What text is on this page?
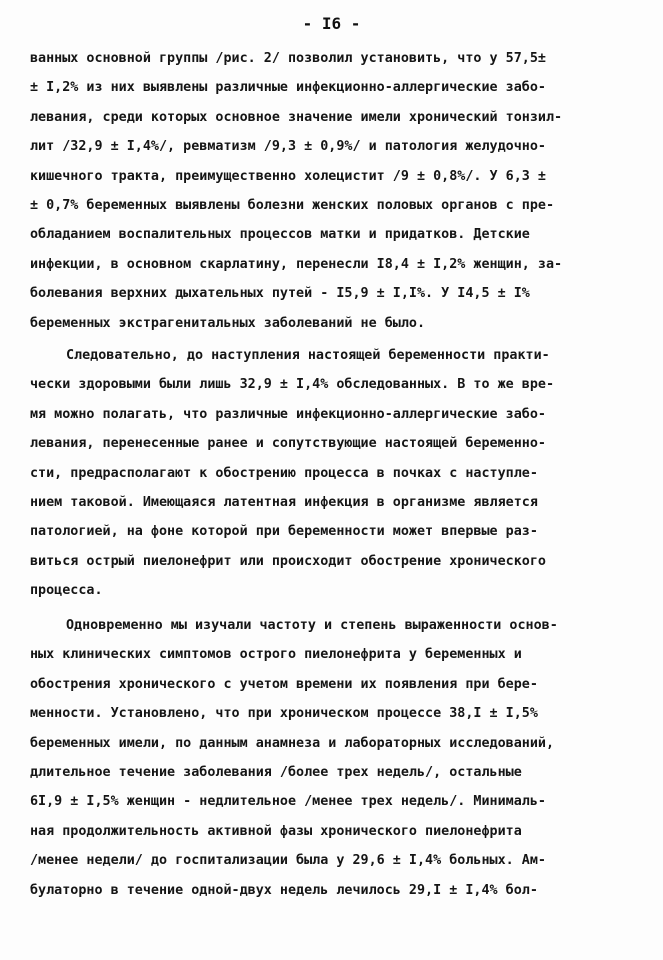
- I6 -
ванных основной группы /рис. 2/ позволил установить, что у 57,5±
± I,2% из них выявлены различные инфекционно-аллергические забо-
левания, среди которых основное значение имели хронический тонзил-
лит /32,9 ± I,4%/, ревматизм /9,3 ± 0,9%/ и патология желудочно-
кишечного тракта, преимущественно холецистит /9 ± 0,8%/. У 6,3 ±
± 0,7% беременных выявлены болезни женских половых органов с пре-
обладанием воспалительных процессов матки и придатков. Детские
инфекции, в основном скарлатину, перенесли I8,4 ± I,2% женщин, за-
болевания верхних дыхательных путей - I5,9 ± I,I%. У I4,5 ± I%
беременных экстрагенитальных заболеваний не было.
Следовательно, до наступления настоящей беременности практи-
чески здоровыми были лишь 32,9 ± I,4% обследованных. В то же вре-
мя можно полагать, что различные инфекционно-аллергические забо-
левания, перенесенные ранее и сопутствующие настоящей беременно-
сти, предрасполагают к обострению процесса в почках с наступле-
нием таковой. Имеющаяся латентная инфекция в организме является
патологией, на фоне которой при беременности может впервые раз-
виться острый пиелонефрит или происходит обострение хронического
процесса.
Одновременно мы изучали частоту и степень выраженности основ-
ных клинических симптомов острого пиелонефрита у беременных и
обострения хронического с учетом времени их появления при бере-
менности. Установлено, что при хроническом процессе 38,I ± I,5%
беременных имели, по данным анамнеза и лабораторных исследований,
длительное течение заболевания /более трех недель/, остальные
6I,9 ± I,5% женщин - недлительное /менее трех недель/. Минималь-
ная продолжительность активной фазы хронического пиелонефрита
/менее недели/ до госпитализации была у 29,6 ± I,4% больных. Ам-
булаторно в течение одной-двух недель лечилось 29,I ± I,4% бол-
